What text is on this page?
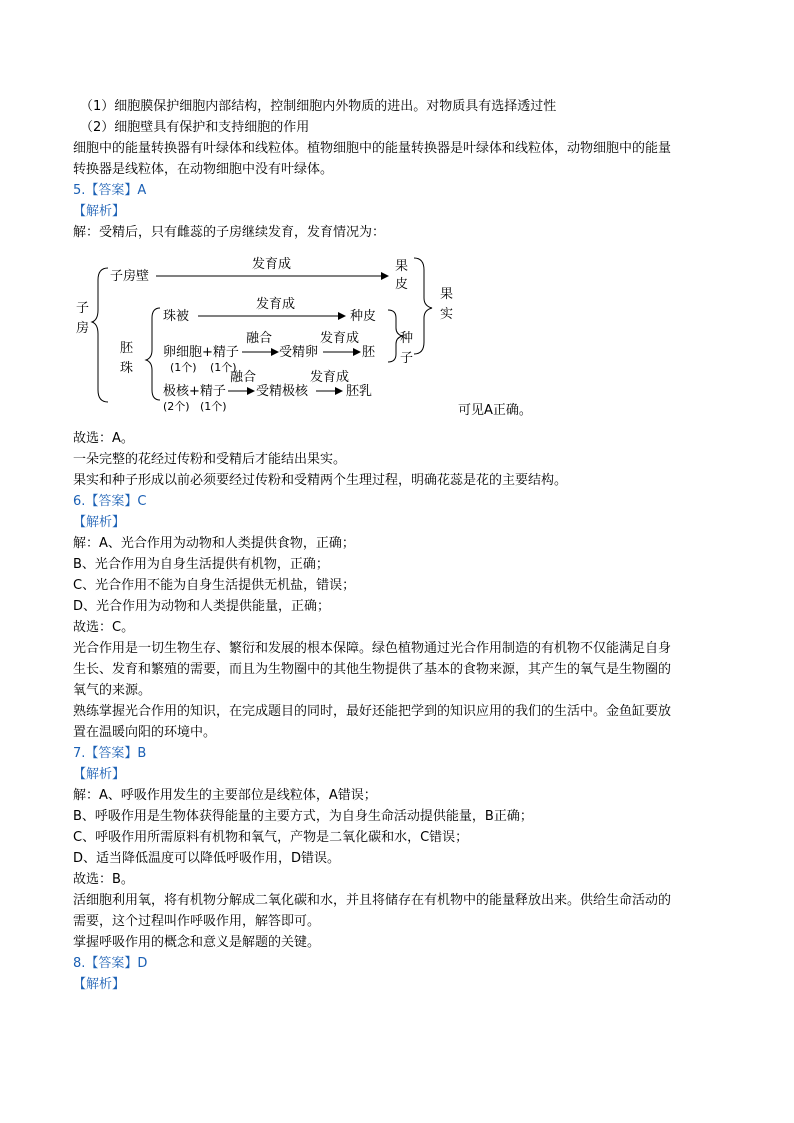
（1）细胞膜保护细胞内部结构，控制细胞内外物质的进出。对物质具有选择透过性
（2）细胞壁具有保护和支持细胞的作用
细胞中的能量转换器有叶绿体和线粒体。植物细胞中的能量转换器是叶绿体和线粒体，动物细胞中的能量
转换器是线粒体，在动物细胞中没有叶绿体。
5.【答案】A
【解析】
解：受精后，只有雌蕊的子房继续发育，发育情况为：
子
房
子房壁
发育成	果
皮
胚
珠
珠被
发育成
种皮
卵细胞+精子
融合
受精卵
发育成
胚
(1个) (1个)
极核+精子
融合
受精极核
发育成
胚乳
(2个) (1个)
种
子
果
实
可见A正确。
故选：A。
一朵完整的花经过传粉和受精后才能结出果实。
果实和种子形成以前必须要经过传粉和受精两个生理过程，明确花蕊是花的主要结构。
6.【答案】C
【解析】
解：A、光合作用为动物和人类提供食物，正确；
B、光合作用为自身生活提供有机物，正确；
C、光合作用不能为自身生活提供无机盐，错误；
D、光合作用为动物和人类提供能量，正确；
故选：C。
光合作用是一切生物生存、繁衍和发展的根本保障。绿色植物通过光合作用制造的有机物不仅能满足自身
生长、发育和繁殖的需要，而且为生物圈中的其他生物提供了基本的食物来源，其产生的氧气是生物圈的
氧气的来源。
熟练掌握光合作用的知识，在完成题目的同时，最好还能把学到的知识应用的我们的生活中。金鱼缸要放
置在温暖向阳的环境中。
7.【答案】B
【解析】
解：A、呼吸作用发生的主要部位是线粒体，A错误；
B、呼吸作用是生物体获得能量的主要方式，为自身生命活动提供能量，B正确；
C、呼吸作用所需原料有机物和氧气，产物是二氧化碳和水，C错误；
D、适当降低温度可以降低呼吸作用，D错误。
故选：B。
活细胞利用氧，将有机物分解成二氧化碳和水，并且将储存在有机物中的能量释放出来。供给生命活动的
需要，这个过程叫作呼吸作用，解答即可。
掌握呼吸作用的概念和意义是解题的关键。
8.【答案】D
【解析】
